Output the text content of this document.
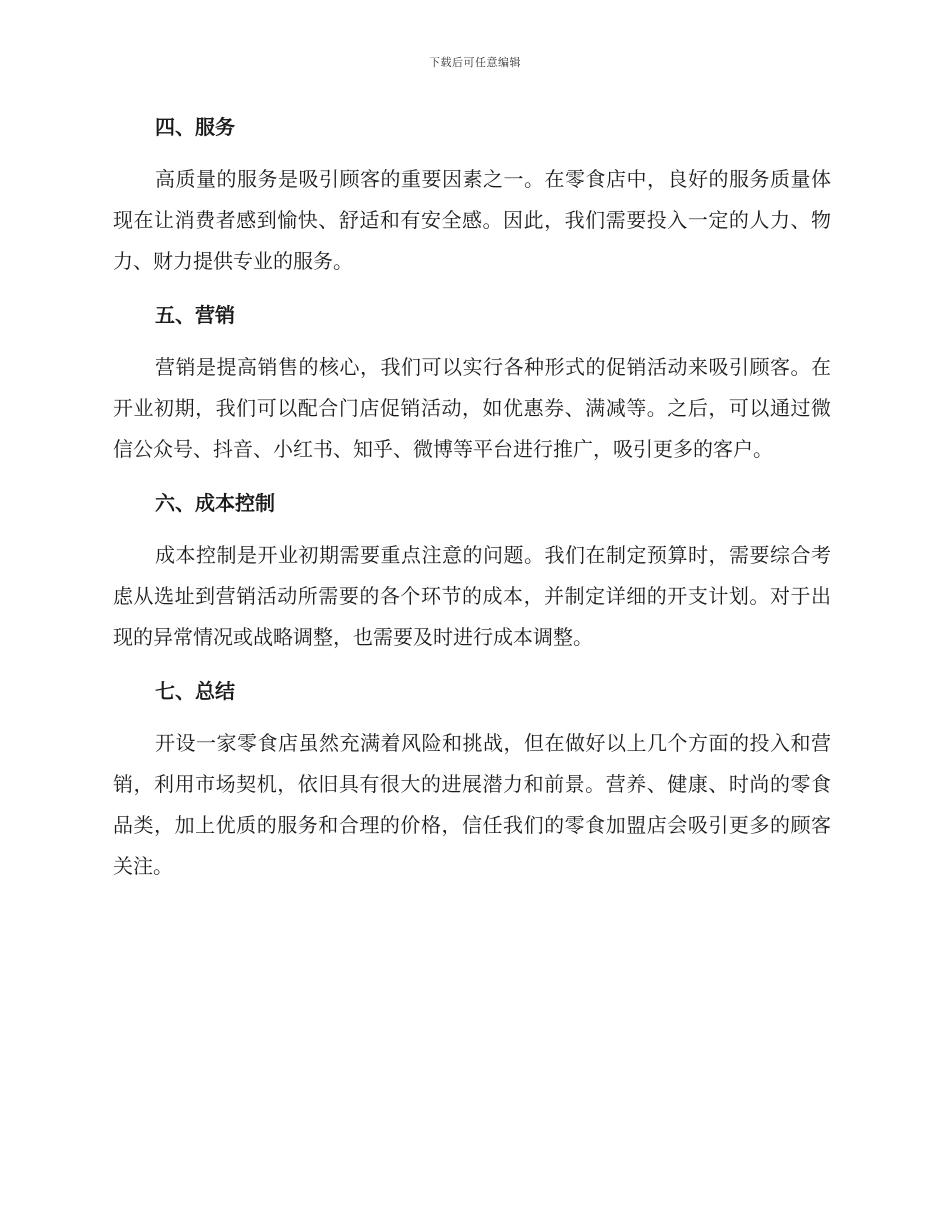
下载后可任意编辑
四、服务

高质量的服务是吸引顾客的重要因素之一。在零食店中，良好的服务质量体现在让消费者感到愉快、舒适和有安全感。因此，我们需要投入一定的人力、物力、财力提供专业的服务。

五、营销

营销是提高销售的核心，我们可以实行各种形式的促销活动来吸引顾客。在开业初期，我们可以配合门店促销活动，如优惠券、满减等。之后，可以通过微信公众号、抖音、小红书、知乎、微博等平台进行推广，吸引更多的客户。

六、成本控制

成本控制是开业初期需要重点注意的问题。我们在制定预算时，需要综合考虑从选址到营销活动所需要的各个环节的成本，并制定详细的开支计划。对于出现的异常情况或战略调整，也需要及时进行成本调整。

七、总结

开设一家零食店虽然充满着风险和挑战，但在做好以上几个方面的投入和营销，利用市场契机，依旧具有很大的进展潜力和前景。营养、健康、时尚的零食品类，加上优质的服务和合理的价格，信任我们的零食加盟店会吸引更多的顾客关注。
